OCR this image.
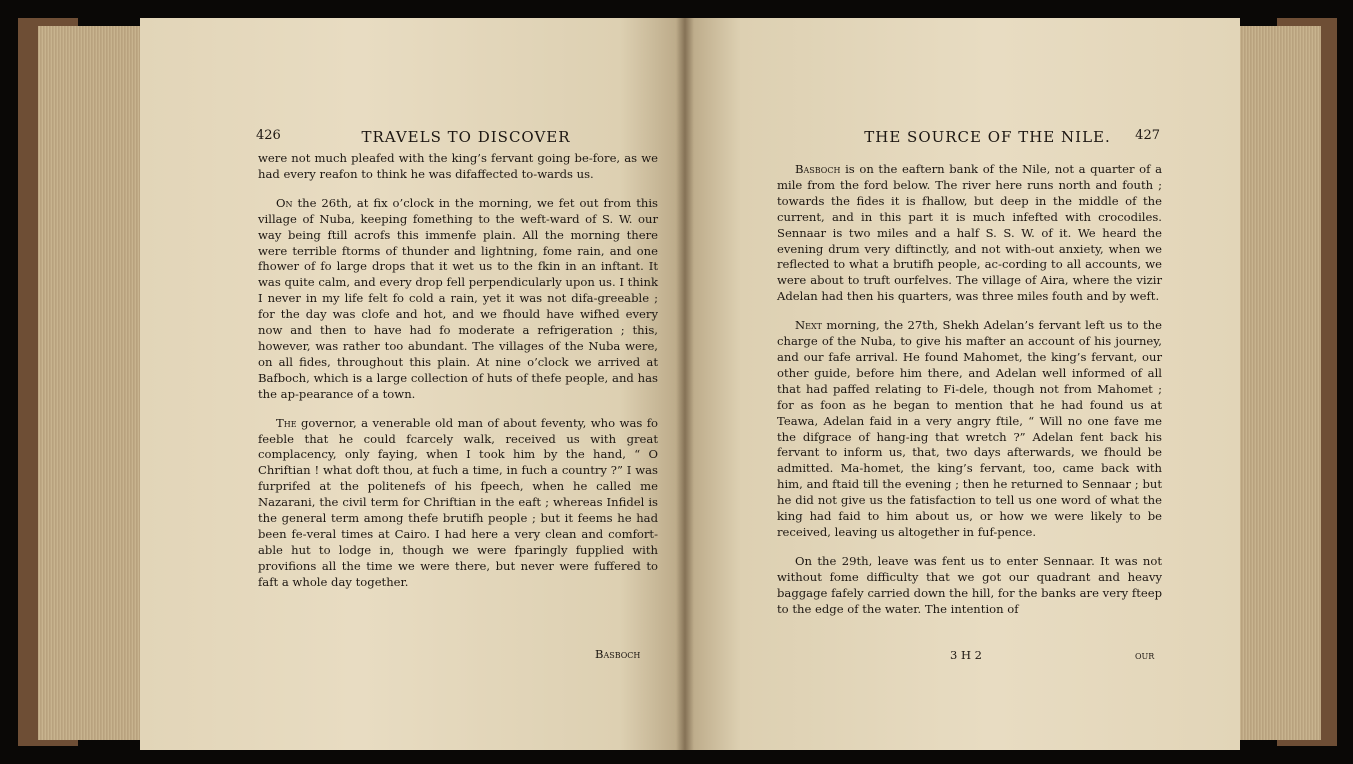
426	TRAVELS TO DISCOVER

were not much pleafed with the king’s fervant going be-fore, as we had every reafon to think he was difaffected to-wards us.

On the 26th, at fix o’clock in the morning, we fet out from this village of Nuba, keeping fomething to the weft-ward of S. W. our way being ftill acrofs this immenfe plain. All the morning there were terrible ftorms of thunder and lightning, fome rain, and one fhower of fo large drops that it wet us to the fkin in an inftant. It was quite calm, and every drop fell perpendicularly upon us. I think I never in my life felt fo cold a rain, yet it was not difa-greeable ; for the day was clofe and hot, and we fhould have wifhed every now and then to have had fo moderate a refrigeration ; this, however, was rather too abundant. The villages of the Nuba were, on all fides, throughout this plain. At nine o’clock we arrived at Bafboch, which is a large collection of huts of thefe people, and has the ap-pearance of a town.

The governor, a venerable old man of about feventy, who was fo feeble that he could fcarcely walk, received us with great complacency, only faying, when I took him by the hand, “ O Chriftian ! what doft thou, at fuch a time, in fuch a country ?” I was furprifed at the politenefs of his fpeech, when he called me Nazarani, the civil term for Chriftian in the eaft ; whereas Infidel is the general term among thefe brutifh people ; but it feems he had been fe-veral times at Cairo. I had here a very clean and comfort-able hut to lodge in, though we were fparingly fupplied with provifions all the time we were there, but never were fuffered to faft a whole day together.

Basboch
THE SOURCE OF THE NILE.	427

Basboch is on the eaftern bank of the Nile, not a quarter of a mile from the ford below. The river here runs north and fouth ; towards the fides it is fhallow, but deep in the middle of the current, and in this part it is much infefted with crocodiles. Sennaar is two miles and a half S. S. W. of it. We heard the evening drum very diftinctly, and not with-out anxiety, when we reflected to what a brutifh people, ac-cording to all accounts, we were about to truft ourfelves. The village of Aira, where the vizir Adelan had then his quarters, was three miles fouth and by weft.

Next morning, the 27th, Shekh Adelan’s fervant left us to the charge of the Nuba, to give his mafter an account of his journey, and our fafe arrival. He found Mahomet, the king’s fervant, our other guide, before him there, and Adelan well informed of all that had paffed relating to Fi-dele, though not from Mahomet ; for as foon as he began to mention that he had found us at Teawa, Adelan faid in a very angry ftile, “ Will no one fave me the difgrace of hang-ing that wretch ?” Adelan fent back his fervant to inform us, that, two days afterwards, we fhould be admitted. Ma-homet, the king’s fervant, too, came back with him, and ftaid till the evening ; then he returned to Sennaar ; but he did not give us the fatisfaction to tell us one word of what the king had faid to him about us, or how we were likely to be received, leaving us altogether in fuf-pence.

On the 29th, leave was fent us to enter Sennaar. It was not without fome difficulty that we got our quadrant and heavy baggage fafely carried down the hill, for the banks are very fteep to the edge of the water. The intention of

3 H 2	our
